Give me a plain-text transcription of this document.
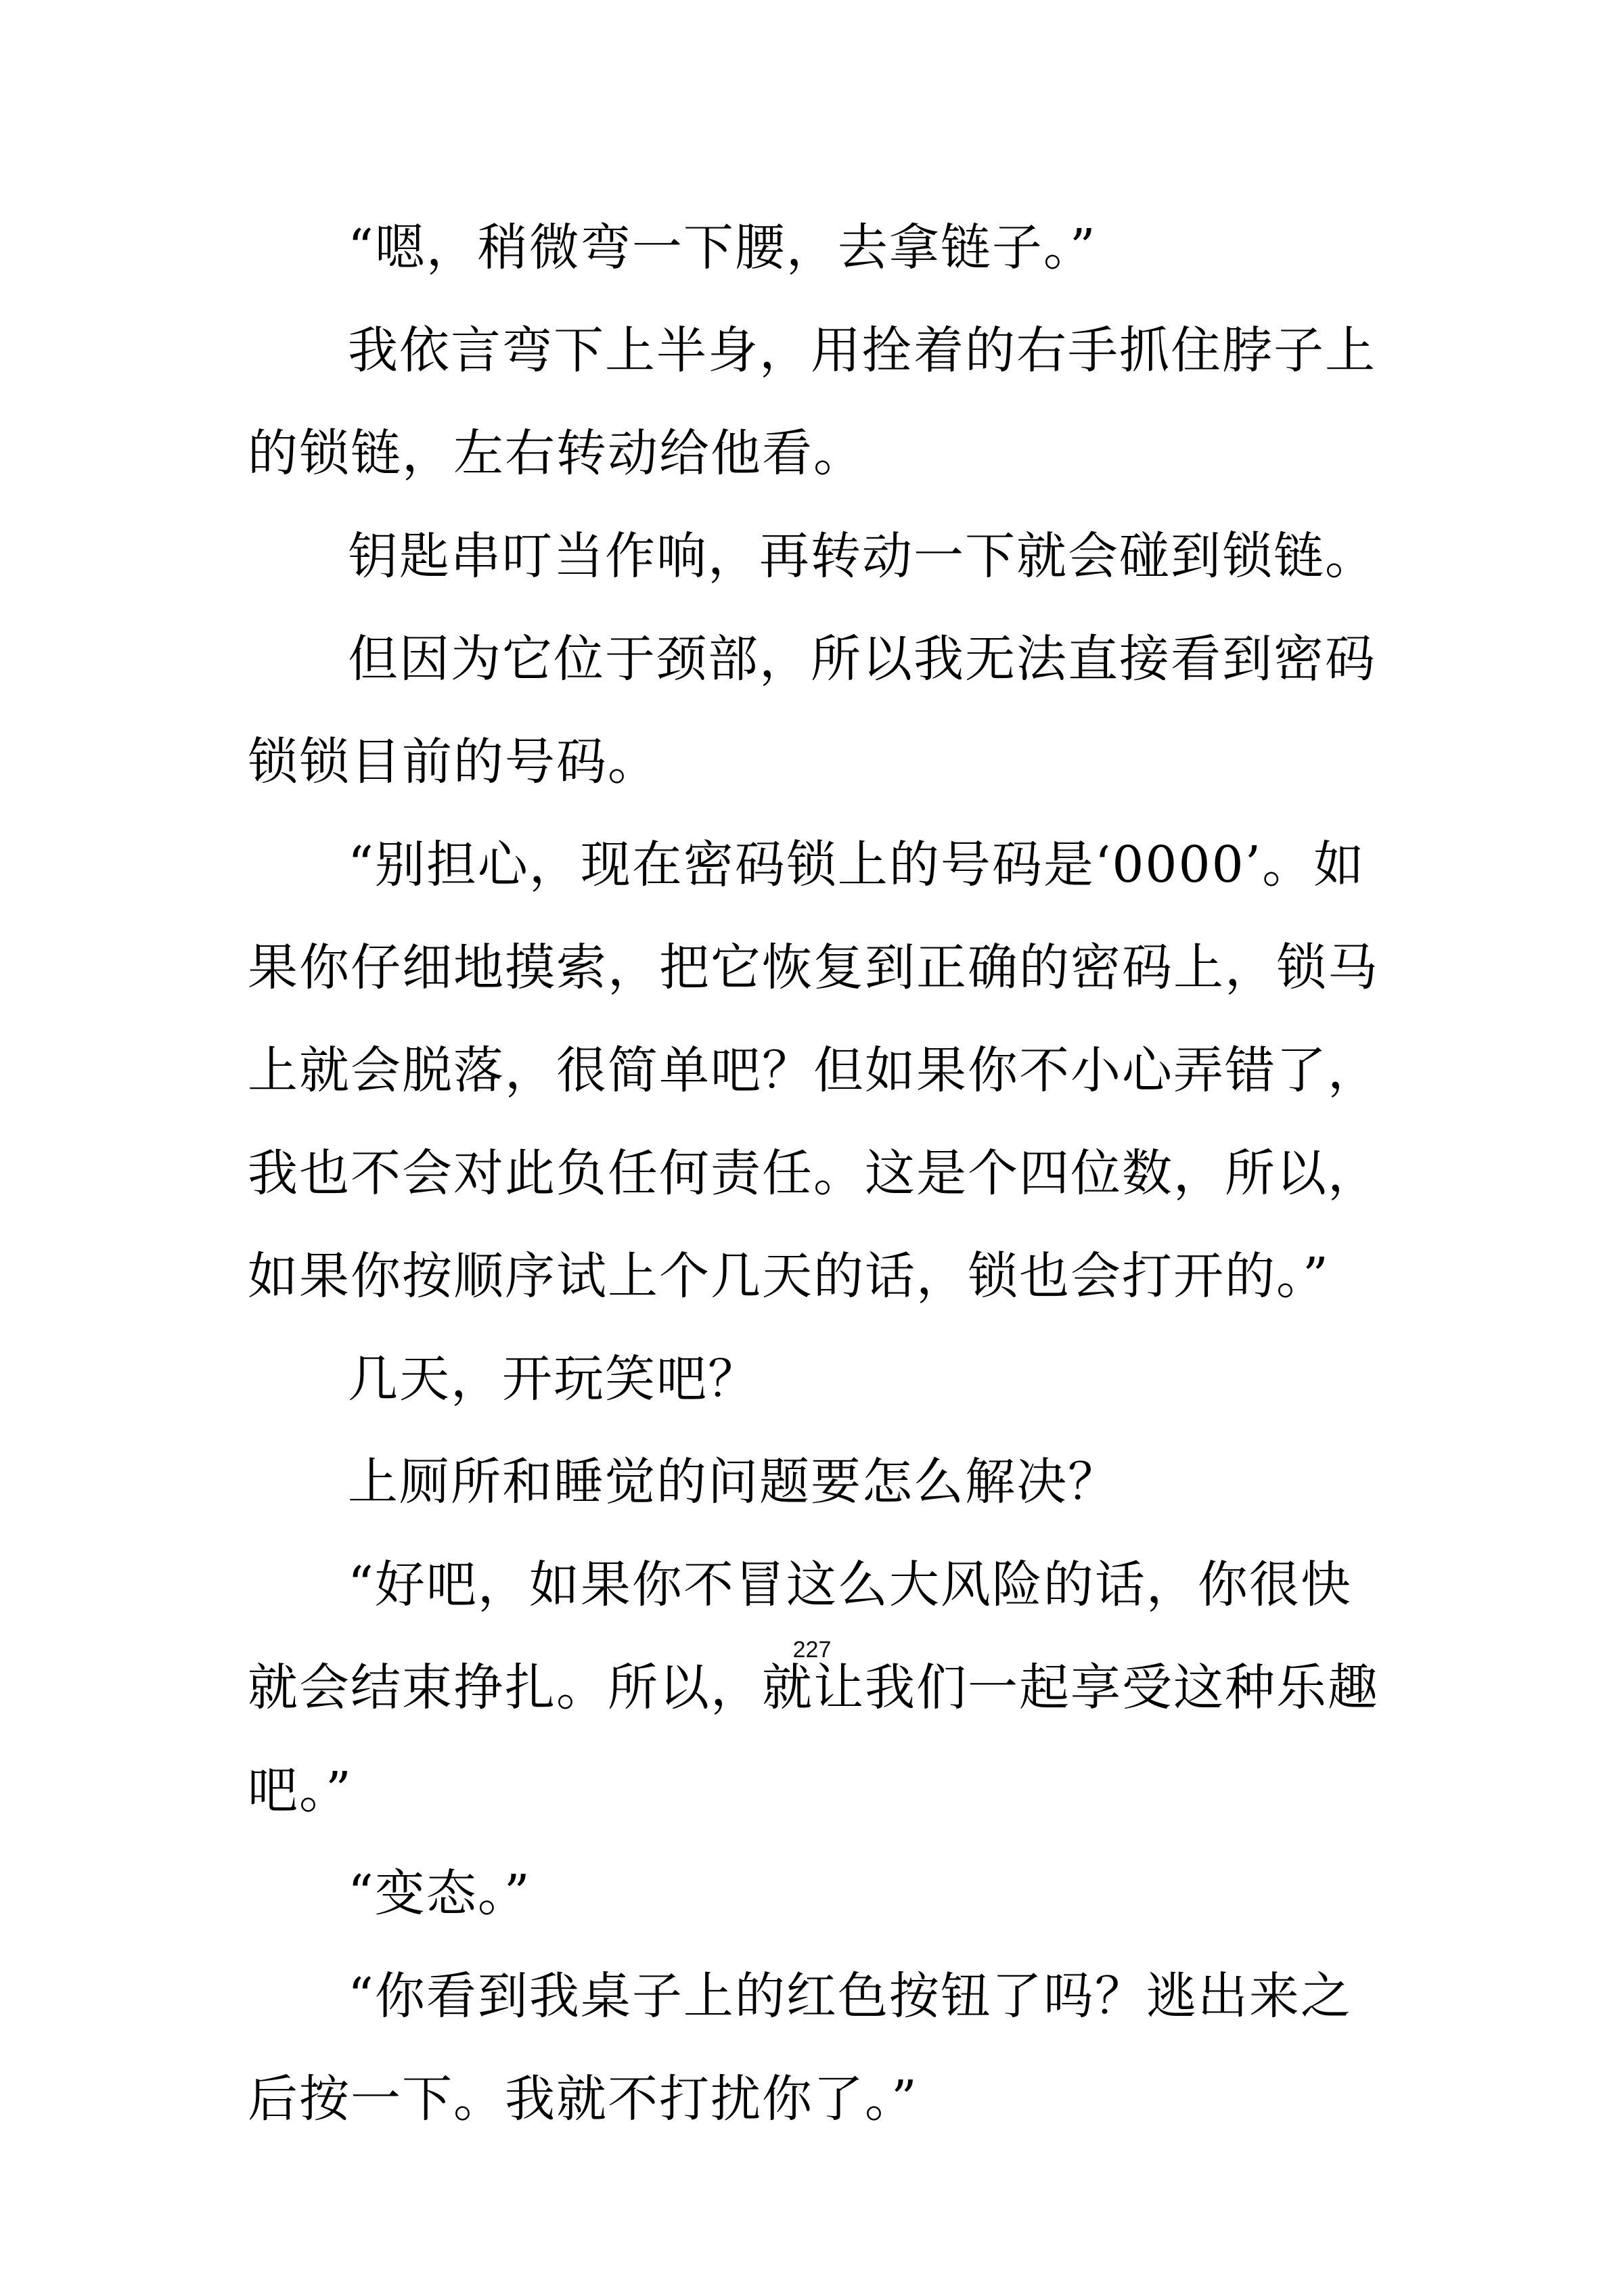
“嗯，稍微弯一下腰，去拿链子。”

我依言弯下上半身，用拴着的右手抓住脖子上的锁链，左右转动给他看。

钥匙串叮当作响，再转动一下就会碰到锁链。

但因为它位于颈部，所以我无法直接看到密码锁锁目前的号码。

“别担心，现在密码锁上的号码是‘0000’。如果你仔细地摸索，把它恢复到正确的密码上，锁马上就会脱落，很简单吧？但如果你不小心弄错了，我也不会对此负任何责任。这是个四位数，所以，如果你按顺序试上个几天的话，锁也会打开的。”

几天，开玩笑吧？

上厕所和睡觉的问题要怎么解决？

“好吧，如果你不冒这么大风险的话，你很快就会结束挣扎。所以，就让我们一起享受这种乐趣吧。”

“变态。”

“你看到我桌子上的红色按钮了吗？逃出来之后按一下。我就不打扰你了。”

227
